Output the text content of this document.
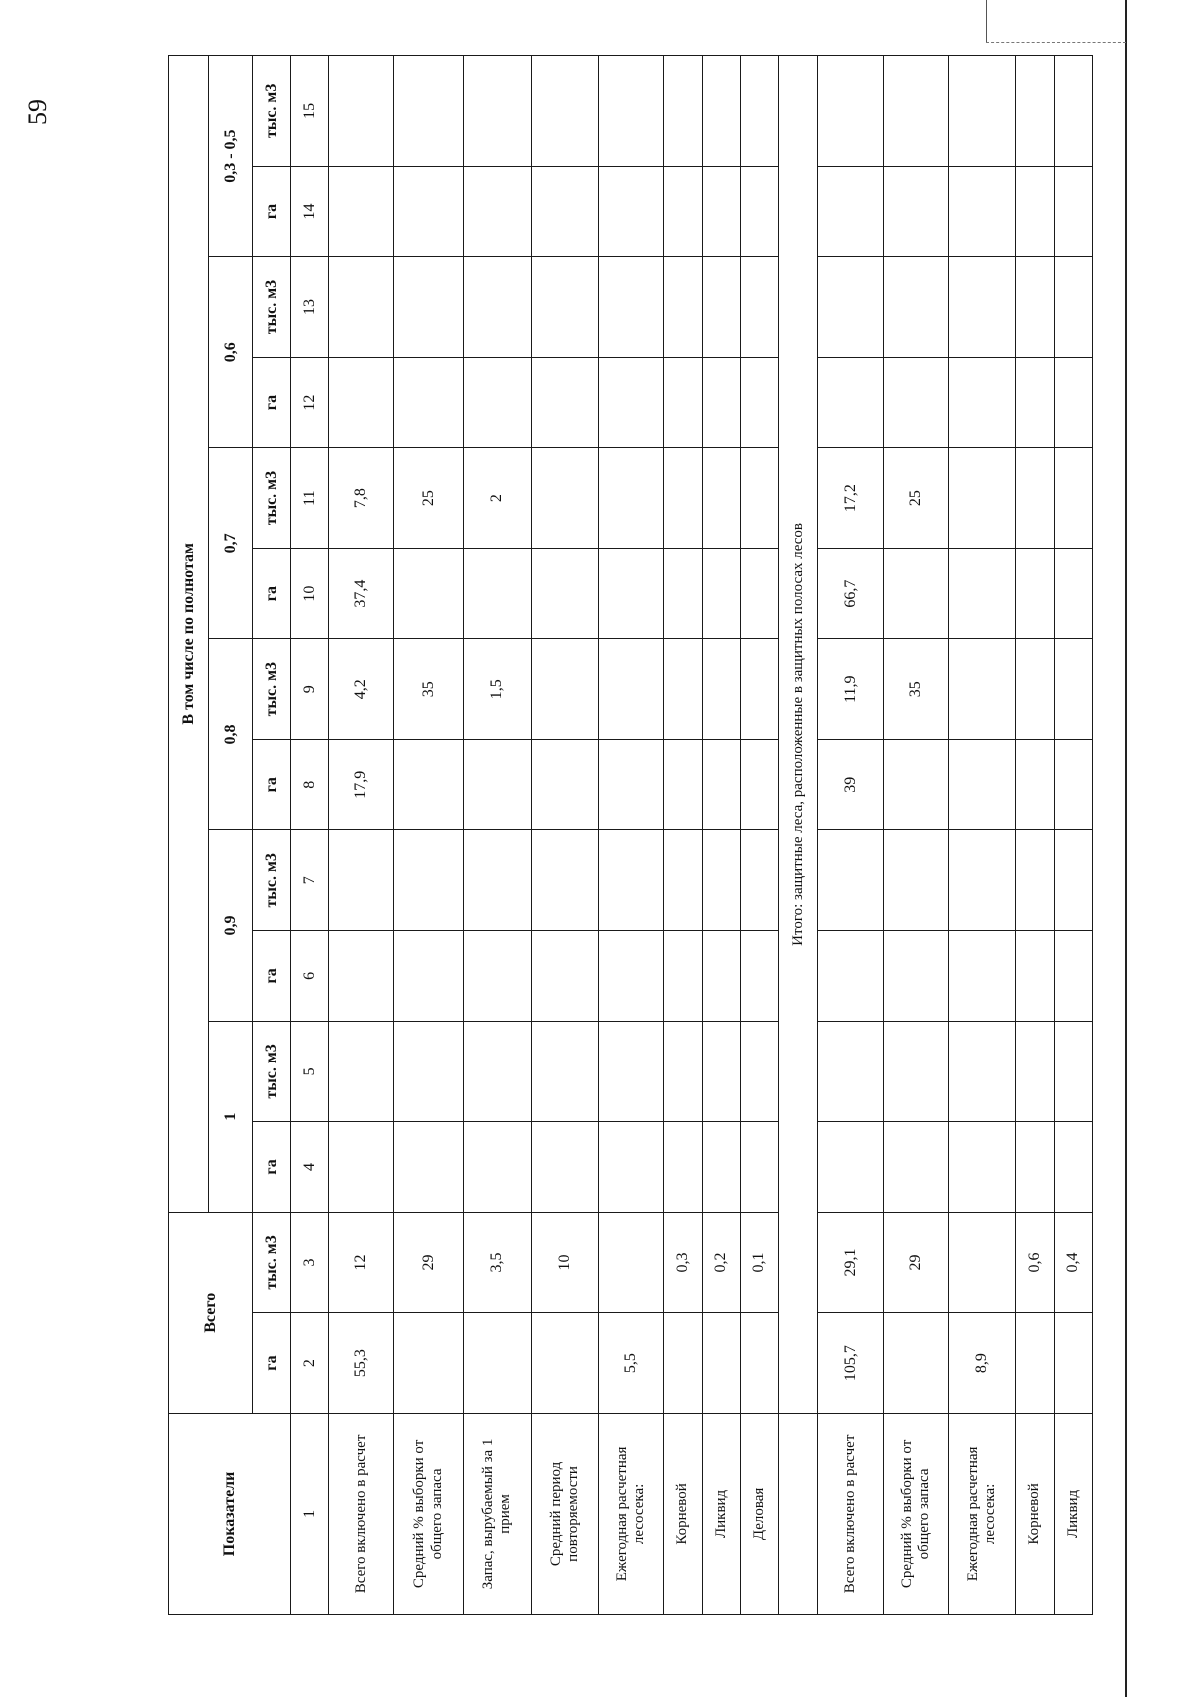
59
Показатели	Всего		В том числе по полнотам											
			1		0,9		0,8		0,7		0,6		0,3 - 0,5	
	га	тыс. м3	га	тыс. м3	га	тыс. м3	га	тыс. м3	га	тыс. м3	га	тыс. м3	га	тыс. м3
1	2	3	4	5	6	7	8	9	10	11	12	13	14	15
Всего включено в расчет	55,3	12					17,9	4,2	37,4	7,8				
Средний % выборки от общего запаса		29						35		25				
Запас, вырубаемый за 1 прием		3,5						1,5		2				
Средний период повторяемости		10												
Ежегодная расчетная лесосека:	5,5													
Корневой		0,3												
Ликвид		0,2												
Деловая		0,1												
	Итого: защитные леса, расположенные в защитных полосах лесов													
Всего включено в расчет	105,7	29,1					39	11,9	66,7	17,2				
Средний % выборки от общего запаса		29						35		25				
Ежегодная расчетная лесосека:	8,9													
Корневой		0,6												
Ликвид		0,4												
